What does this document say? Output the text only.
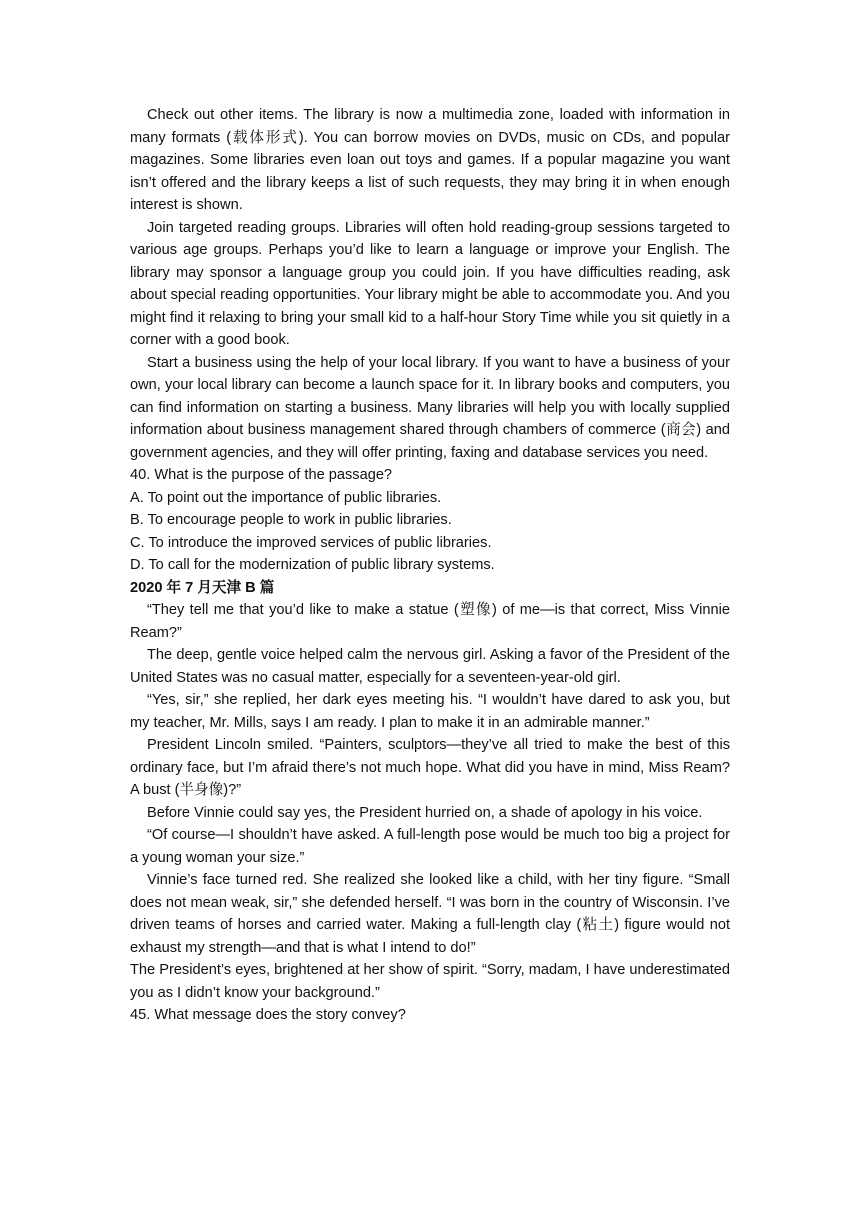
Check out other items. The library is now a multimedia zone, loaded with information in many formats (载体形式). You can borrow movies on DVDs, music on CDs, and popular magazines. Some libraries even loan out toys and games. If a popular magazine you want isn’t offered and the library keeps a list of such requests, they may bring it in when enough interest is shown.

Join targeted reading groups. Libraries will often hold reading-group sessions targeted to various age groups. Perhaps you’d like to learn a language or improve your English. The library may sponsor a language group you could join. If you have difficulties reading, ask about special reading opportunities. Your library might be able to accommodate you. And you might find it relaxing to bring your small kid to a half-hour Story Time while you sit quietly in a corner with a good book.

Start a business using the help of your local library. If you want to have a business of your own, your local library can become a launch space for it. In library books and computers, you can find information on starting a business. Many libraries will help you with locally supplied information about business management shared through chambers of commerce (商会) and government agencies, and they will offer printing, faxing and database services you need.

40. What is the purpose of the passage?

A. To point out the importance of public libraries.

B. To encourage people to work in public libraries.

C. To introduce the improved services of public libraries.

D. To call for the modernization of public library systems.

2020 年 7 月天津 B 篇

“They tell me that you’d like to make a statue (塑像) of me—is that correct, Miss Vinnie Ream?”

The deep, gentle voice helped calm the nervous girl. Asking a favor of the President of the United States was no casual matter, especially for a seventeen-year-old girl.

“Yes, sir,” she replied, her dark eyes meeting his. “I wouldn’t have dared to ask you, but my teacher, Mr. Mills, says I am ready. I plan to make it in an admirable manner.”

President Lincoln smiled. “Painters, sculptors—they’ve all tried to make the best of this ordinary face, but I’m afraid there’s not much hope. What did you have in mind, Miss Ream? A bust (半身像)?”

Before Vinnie could say yes, the President hurried on, a shade of apology in his voice.

“Of course—I shouldn’t have asked. A full-length pose would be much too big a project for a young woman your size.”

Vinnie’s face turned red. She realized she looked like a child, with her tiny figure. “Small does not mean weak, sir,” she defended herself. “I was born in the country of Wisconsin. I’ve driven teams of horses and carried water. Making a full-length clay (粘土) figure would not exhaust my strength—and that is what I intend to do!”

The President’s eyes, brightened at her show of spirit. “Sorry, madam, I have underestimated you as I didn’t know your background.”

45. What message does the story convey?
